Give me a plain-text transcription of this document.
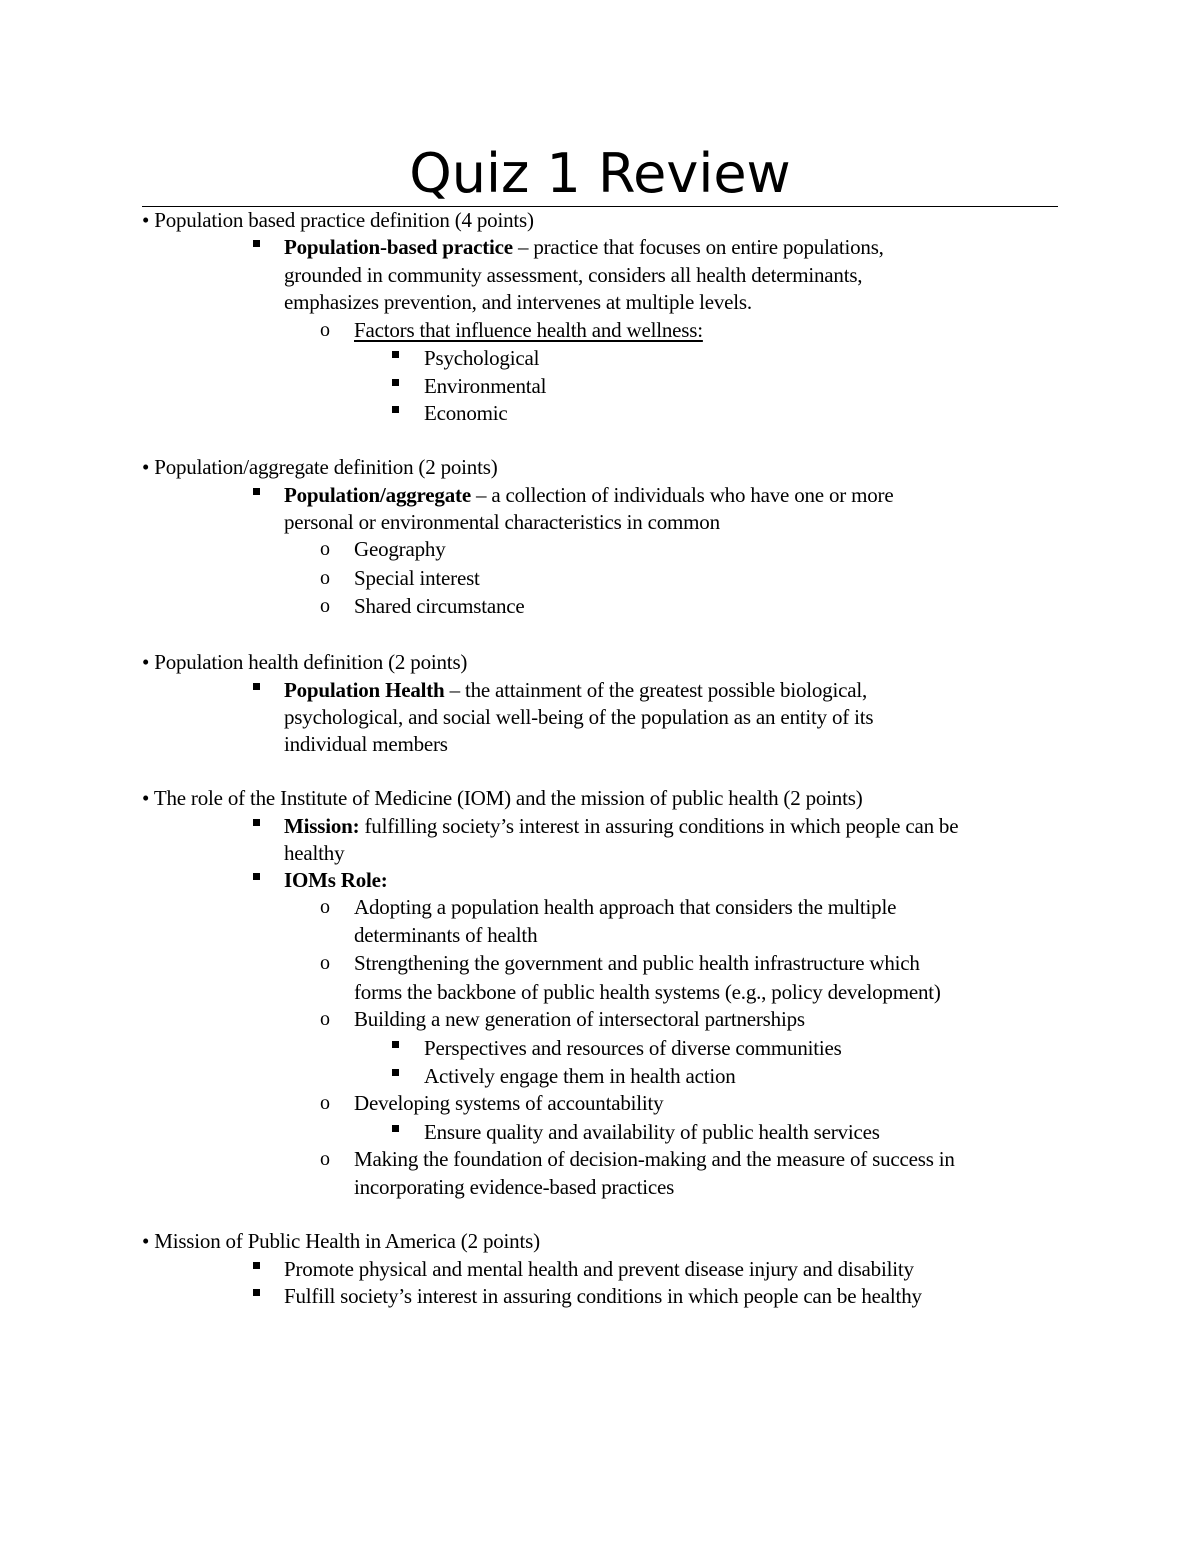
Quiz 1 Review
• Population based practice definition (4 points)
Population-based practice – practice that focuses on entire populations,
grounded in community assessment, considers all health determinants,
emphasizes prevention, and intervenes at multiple levels.
o Factors that influence health and wellness:
Psychological
Environmental
Economic
• Population/aggregate definition (2 points)
Population/aggregate – a collection of individuals who have one or more
personal or environmental characteristics in common
o Geography
o Special interest
o Shared circumstance
• Population health definition (2 points)
Population Health – the attainment of the greatest possible biological,
psychological, and social well-being of the population as an entity of its
individual members
• The role of the Institute of Medicine (IOM) and the mission of public health (2 points)
Mission: fulfilling society’s interest in assuring conditions in which people can be
healthy
IOMs Role:
o Adopting a population health approach that considers the multiple
determinants of health
o Strengthening the government and public health infrastructure which
forms the backbone of public health systems (e.g., policy development)
o Building a new generation of intersectoral partnerships
Perspectives and resources of diverse communities
Actively engage them in health action
o Developing systems of accountability
Ensure quality and availability of public health services
o Making the foundation of decision-making and the measure of success in
incorporating evidence-based practices
• Mission of Public Health in America (2 points)
Promote physical and mental health and prevent disease injury and disability
Fulfill society’s interest in assuring conditions in which people can be healthy
